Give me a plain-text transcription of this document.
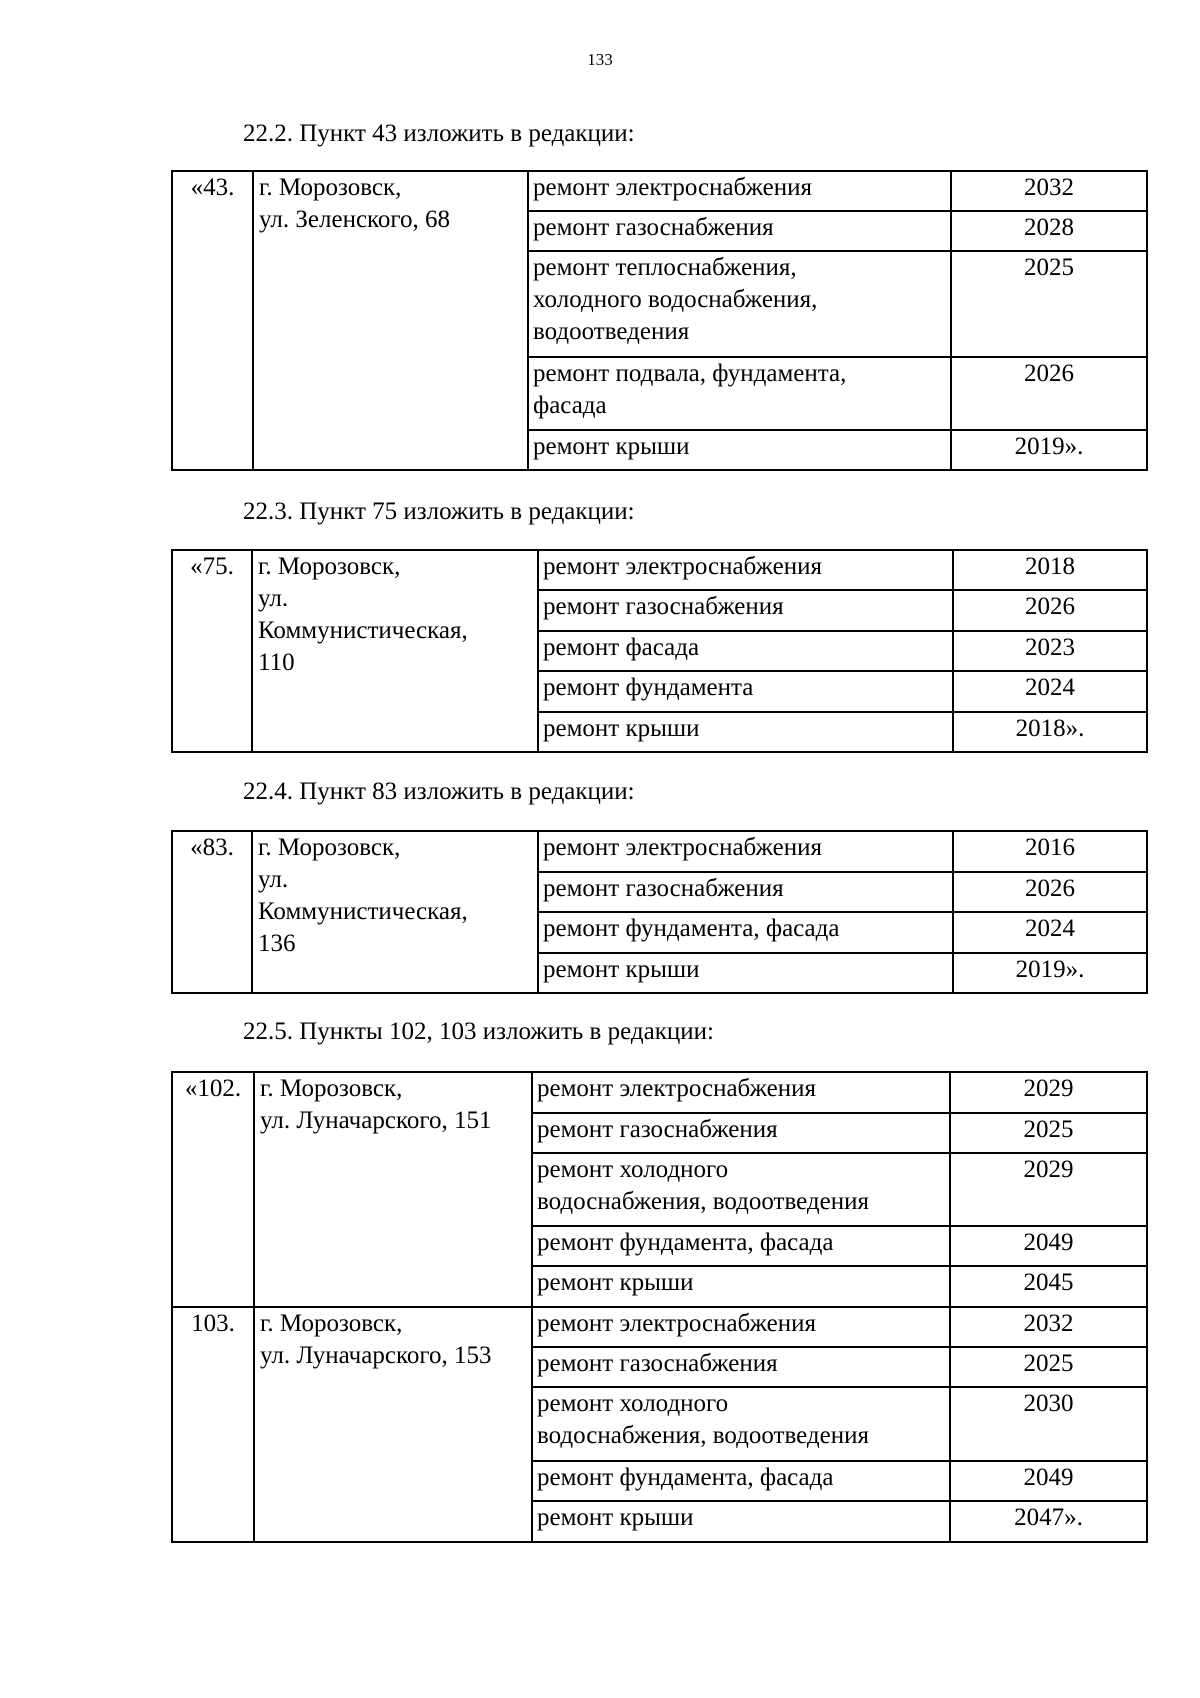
133
22.2. Пункт 43 изложить в редакции:
«43.	г. Морозовск,
ул. Зеленского, 68	ремонт электроснабжения	2032
		ремонт газоснабжения	2028

		ремонт теплоснабжения,
холодного водоснабжения,
водоотведения	2025

		ремонт подвала, фундамента,
фасада	2026
		ремонт крыши	2019».
22.3. Пункт 75 изложить в редакции:
«75.	г. Морозовск,
ул.
Коммунистическая,
110	ремонт электроснабжения	2018
		ремонт газоснабжения	2026
		ремонт фасада	2023
		ремонт фундамента	2024
		ремонт крыши	2018».
22.4. Пункт 83 изложить в редакции:
«83.	г. Морозовск,
ул.
Коммунистическая,
136	ремонт электроснабжения	2016
		ремонт газоснабжения	2026
		ремонт фундамента, фасада	2024
		ремонт крыши	2019».
22.5. Пункты 102, 103 изложить в редакции:
«102.	г. Морозовск,
ул. Луначарского, 151	ремонт электроснабжения	2029
		ремонт газоснабжения	2025

		ремонт холодного
водоснабжения, водоотведения	2029
		ремонт фундамента, фасада	2049
		ремонт крыши	2045
103.	г. Морозовск,
ул. Луначарского, 153	ремонт электроснабжения	2032
		ремонт газоснабжения	2025

		ремонт холодного
водоснабжения, водоотведения	2030
		ремонт фундамента, фасада	2049
		ремонт крыши	2047».
